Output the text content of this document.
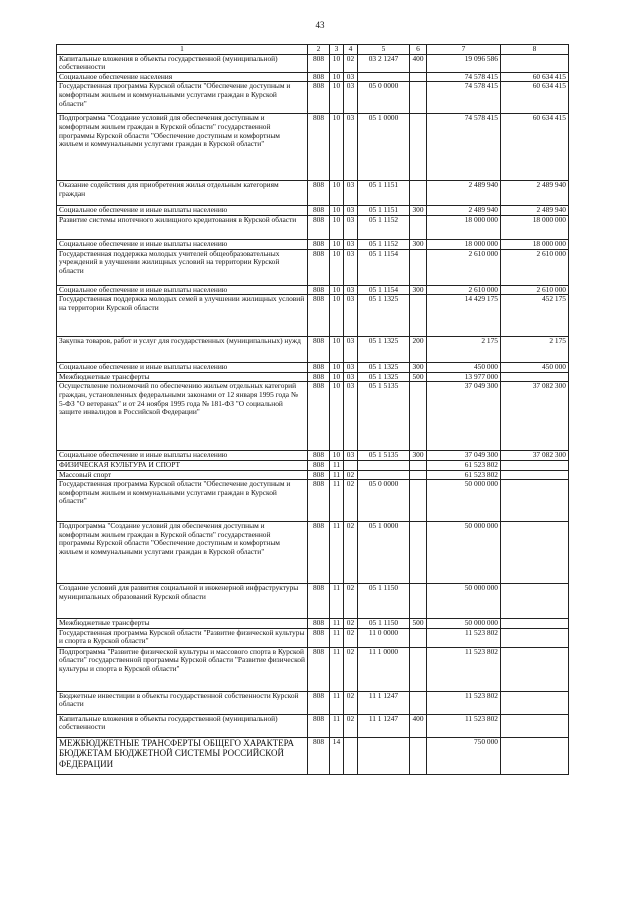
43
1	2	3	4	5	6	7	8
Капитальные вложения в объекты государственной (муниципальной) собственности	808	10	02	03 2 1247	400	19 096 586	
Социальное обеспечение населения	808	10	03			74 578 415	60 634 415
Государственная программа Курской области "Обеспечение доступным и комфортным жильем и коммунальными услугами граждан в Курской области"	808	10	03	05 0 0000		74 578 415	60 634 415
Подпрограмма "Создание условий для обеспечения доступным и комфортным жильем граждан в Курской области" государственной программы Курской области "Обеспечение доступным и комфортным жильем и коммунальными услугами граждан в Курской области"	808	10	03	05 1 0000		74 578 415	60 634 415
Оказание содействия для приобретения жилья отдельным категориям граждан	808	10	03	05 1 1151		2 489 940	2 489 940
Социальное обеспечение и иные выплаты населению	808	10	03	05 1 1151	300	2 489 940	2 489 940
Развитие системы ипотечного жилищного кредитования в Курской области	808	10	03	05 1 1152		18 000 000	18 000 000
Социальное обеспечение и иные выплаты населению	808	10	03	05 1 1152	300	18 000 000	18 000 000
Государственная поддержка молодых учителей общеобразовательных учреждений в улучшении жилищных условий на территории Курской области	808	10	03	05 1 1154		2 610 000	2 610 000
Социальное обеспечение и иные выплаты населению	808	10	03	05 1 1154	300	2 610 000	2 610 000
Государственная поддержка молодых семей в улучшении жилищных условий на территории Курской области	808	10	03	05 1 1325		14 429 175	452 175
Закупка товаров, работ и услуг для государственных (муниципальных) нужд	808	10	03	05 1 1325	200	2 175	2 175
Социальное обеспечение и иные выплаты населению	808	10	03	05 1 1325	300	450 000	450 000
Межбюджетные трансферты	808	10	03	05 1 1325	500	13 977 000	
Осуществление полномочий по обеспечению жильем отдельных категорий граждан, установленных федеральными законами от 12 января 1995 года № 5-ФЗ "О ветеранах" и от 24 ноября 1995 года № 181-ФЗ "О социальной защите инвалидов в Российской Федерации"	808	10	03	05 1 5135		37 049 300	37 082 300
Социальное обеспечение и иные выплаты населению	808	10	03	05 1 5135	300	37 049 300	37 082 300
ФИЗИЧЕСКАЯ КУЛЬТУРА И СПОРТ	808	11				61 523 802	
Массовый спорт	808	11	02			61 523 802	
Государственная программа Курской области "Обеспечение доступным и комфортным жильем и коммунальными услугами граждан в Курской области"	808	11	02	05 0 0000		50 000 000	
Подпрограмма "Создание условий для обеспечения доступным и комфортным жильем граждан в Курской области" государственной программы Курской области "Обеспечение доступным и комфортным жильем и коммунальными услугами граждан в Курской области"	808	11	02	05 1 0000		50 000 000	
Создание условий для развития социальной и инженерной инфраструктуры муниципальных образований Курской области	808	11	02	05 1 1150		50 000 000	
Межбюджетные трансферты	808	11	02	05 1 1150	500	50 000 000	
Государственная программа Курской области "Развитие физической культуры и спорта в Курской области"	808	11	02	11 0 0000		11 523 802	
Подпрограмма "Развитие физической культуры и массового спорта в Курской области" государственной программы Курской области "Развитие физической культуры и спорта в Курской области"	808	11	02	11 1 0000		11 523 802	
Бюджетные инвестиции в объекты государственной собственности Курской области	808	11	02	11 1 1247		11 523 802	
Капитальные вложения в объекты государственной (муниципальной) собственности	808	11	02	11 1 1247	400	11 523 802	
МЕЖБЮДЖЕТНЫЕ ТРАНСФЕРТЫ ОБЩЕГО ХАРАКТЕРА БЮДЖЕТАМ БЮДЖЕТНОЙ СИСТЕМЫ РОССИЙСКОЙ ФЕДЕРАЦИИ	808	14				750 000	
